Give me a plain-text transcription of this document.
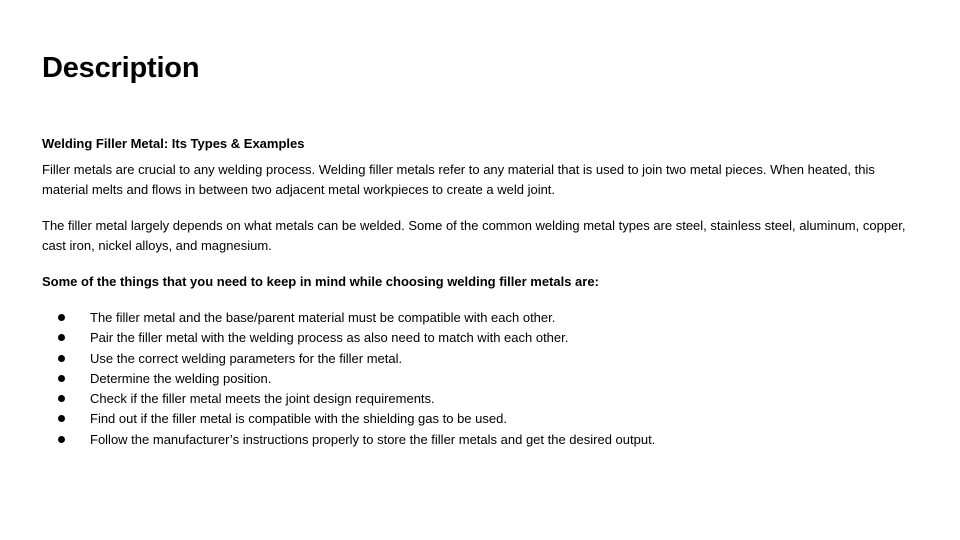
Description
Welding Filler Metal: Its Types & Examples

Filler metals are crucial to any welding process. Welding filler metals refer to any material that is used to join two metal pieces. When heated, this material melts and flows in between two adjacent metal workpieces to create a weld joint.

The filler metal largely depends on what metals can be welded. Some of the common welding metal types are steel, stainless steel, aluminum, copper, cast iron, nickel alloys, and magnesium.

Some of the things that you need to keep in mind while choosing welding filler metals are:

The filler metal and the base/parent material must be compatible with each other.
Pair the filler metal with the welding process as also need to match with each other.
Use the correct welding parameters for the filler metal.
Determine the welding position.
Check if the filler metal meets the joint design requirements.
Find out if the filler metal is compatible with the shielding gas to be used.
Follow the manufacturer’s instructions properly to store the filler metals and get the desired output.
